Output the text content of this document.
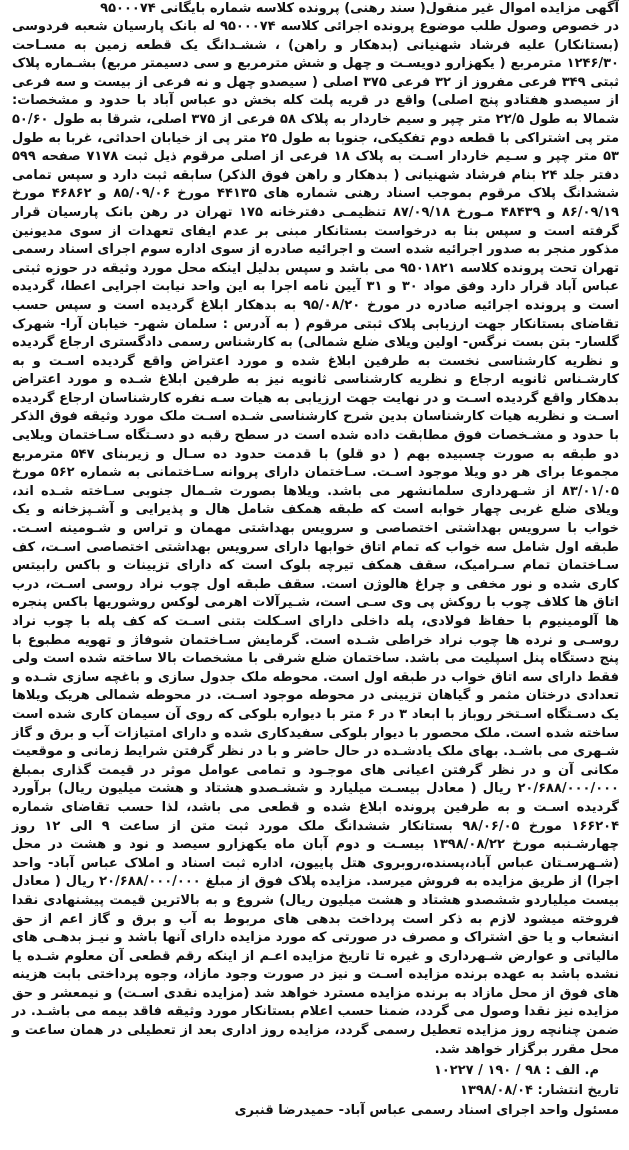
آگهی مزایده اموال غیر منقول( سند رهنی) پرونده کلاسه شماره بایگانی ۹۵۰۰۰۷۴
در خصوص وصول طلب موضوع پرونده اجرائی کلاسه ۹۵۰۰۰۷۴ له بانک پارسیان شعبه فردوسی (بستانکار) علیه فرشاد شهنیانی (بدهکار و راهن) ، ششـدانگ یک قطعه زمین به مسـاحت ۱۲۴۶/۳۰ مترمربع ( یکهزارو دویسـت و چهل و شش مترمربع و سی دسیمتر مربع) بشـماره پلاک ثبتی ۳۴۹ فرعی مفروز از ۳۲ فرعی ۳۷۵ اصلی ( سیصدو چهل و نه فرعی از بیست و سه فرعی از سیصدو هفتادو پنج اصلی) واقع در قریه پلت کله بخش دو عباس آباد با حدود و مشخصات: شمالا به طول ۲۲/۵ متر چپر و سیم خاردار به پلاک ۵۸ فرعی از ۳۷۵ اصلی، شرقا به طول ۵۰/۶۰ متر پی اشتراکی با قطعه دوم تفکیکی، جنوبا به طول ۲۵ متر پی از خیابان احداثی، غربا به طول ۵۳ متر چپر و سـیم خاردار اسـت به پلاک ۱۸ فرعی از اصلی مرقوم ذیل ثبت ۷۱۷۸ صفحه ۵۹۹ دفتر جلد ۲۴ بنام فرشاد شهنیانی ( بدهکار و راهن فوق الذکر) سابقه ثبت دارد و سپس تمامی ششدانگ پلاک مرقوم بموجب اسناد رهنی شماره های ۴۴۱۳۵ مورخ ۸۵/۰۹/۰۶ و ۴۶۸۶۲ مورخ ۸۶/۰۹/۱۹ و ۴۸۴۳۹ مـورخ ۸۷/۰۹/۱۸ تنظیمـی دفترخانه ۱۷۵ تهران در رهن بانک پارسیان قرار گرفته است و سپس بنا به درخواست بستانکار مبنی بر عدم ایفای تعهدات از سوی مدیونین مذکور منجر به صدور اجرائیه شده است و اجرائیه صادره از سوی اداره سوم اجرای اسناد رسمی تهران تحت پرونده کلاسه ۹۵۰۱۸۲۱ می باشد و سپس بدلیل اینکه محل مورد وثیقه در حوزه ثبتی عباس آباد قرار دارد وفق مواد ۳۰ و ۳۱ آیین نامه اجرا به این واحد نیابت اجرایی اعطا، گردیده است و پرونده اجرائیه صادره در مورخ ۹۵/۰۸/۲۰ به بدهکار ابلاغ گردیده است و سپس حسب تقاضای بستانکار جهت ارزیابی پلاک ثبتی مرقوم ( به آدرس : سلمان شهر- خیابان آرا- شهرک گلسار- بتن بست نرگس- اولین ویلای ضلع شمالی) به کارشناس رسمی دادگستری ارجاع گردیده و نظریه کارشناسی نخست به طرفین ابلاغ شده و مورد اعتراض واقع گردیده اسـت و به کارشـناس ثانویه ارجاع و نظریه کارشناسی ثانویه نیز به طرفین ابلاغ شـده و مورد اعتراض بدهکار واقع گردیده اسـت و در نهایت جهت ارزیابی به هیات سـه نفره کارشناسان ارجاع گردیده اسـت و نظریه هیات کارشناسان بدین شرح کارشناسی شـده اسـت ملک مورد وثیقه فوق الذکر با حدود و مشـخصات فوق مطابقت داده شده است در سطح رقبه دو دسـتگاه سـاختمان ویلایی دو طبقه به صورت چسبیده بهم ( دو قلو) با قدمت حدود ده سـال و زیربنای ۵۴۷ مترمربع مجموعا برای هر دو ویلا موجود اسـت. سـاختمان دارای پروانه سـاختمانی به شماره ۵۶۲ مورخ ۸۳/۰۱/۰۵ از شـهرداری سلمانشهر می باشد. ویلاها بصورت شـمال جنوبی سـاخته شـده اند، ویلای ضلع غربی چهار خوابه است که طبقه همکف شامل هال و پذیرایی و آشـپزخانه و یک خواب با سرویس بهداشتی اختصاصی و سرویس بهداشتی مهمان و تراس و شـومینه اسـت. طبقه اول شامل سه خواب که تمام اتاق خوابها دارای سرویس بهداشتی اختصاصی اسـت، کف سـاختمان تمام سـرامیک، سقف همکف تیرچه بلوک است که دارای تزیینات و باکس رابیتس کاری شده و نور مخفی و چراغ هالوژن است. سقف طبقه اول چوب نراد روسی اسـت، درب اتاق ها کلاف چوب با روکش پی وی سـی است، شـیرآلات اهرمی لوکس روشوریها باکس پنجره ها آلومینیوم با حفاظ فولادی، پله داخلی دارای اسـکلت بتنی اسـت که کف پله با چوب نراد روسـی و نرده ها چوب نراد خراطی شـده است. گرمایش سـاختمان شوفاژ و تهویه مطبوع با پنج دستگاه پنل اسپلیت می باشد. ساختمان ضلع شرقی با مشخصات بالا ساخته شده است ولی فقط دارای سه اتاق خواب در طبقه اول است. محوطه ملک جدول سازی و باغچه سازی شـده و تعدادی درختان مثمر و گیاهان تزیینی در محوطه موجود اسـت. در محوطه شمالی هریک ویلاها یک دسـتگاه اسـتخر روباز با ابعاد ۳ در ۶ متر با دیواره بلوکی که روی آن سیمان کاری شده است ساخته شده است. ملک محصور با دیوار بلوکی سفیدکاری شده و دارای امتیازات آب و برق و گاز شـهری می باشـد. بهای ملک یادشـده در حال حاضر و با در نظر گرفتن شرایط زمانی و موقعیت مکانی آن و در نظر گرفتن اعیانی های موجـود و تمامی عوامل موثر در قیمت گذاری بمبلغ ۲۰/۶۸۸/۰۰۰/۰۰۰ ریال ( معادل بیسـت میلیارد و ششـصدو هشتاد و هشت میلیون ریال) برآورد گردیده اسـت و به طرفین پرونده ابلاغ شده و قطعی می باشد، لذا حسب تقاضای شماره ۱۶۶۲۰۴ مورخ ۹۸/۰۶/۰۵ بستانکار ششدانگ ملک مورد ثبت متن از ساعت ۹ الی ۱۲ روز چهارشـنبه مورخ ۱۳۹۸/۰۸/۲۲ بیسـت و دوم آبان ماه یکهزارو سیصد و نود و هشت در محل (شـهرسـتان عباس آباد،پسنده،روبروی هتل پاییون، اداره ثبت اسناد و املاک عباس آباد- واحد اجرا) از طریق مزایده به فروش میرسد. مزایده پلاک فوق از مبلغ ۲۰/۶۸۸/۰۰۰/۰۰۰ ریال ( معادل بیست میلیاردو ششصدو هشتاد و هشت میلیون ریال) شروع و به بالاترین قیمت پیشنهادی نقدا فروخته میشود لازم به ذکر است پرداخت بدهی های مربوط به آب و برق و گاز اعم از حق انشعاب و یا حق اشتراک و مصرف در صورتی که مورد مزایده دارای آنها باشد و نیـز بدهـی های مالیاتی و عوارض شـهرداری و غیره تا تاریخ مزایده اعـم از اینکه رقم قطعی آن معلوم شـده یا نشده باشد به عهده برنده مزایده اسـت و نیز در صورت وجود مازاد، وجوه پرداختی بابت هزینه های فوق از محل مازاد به برنده مزایده مسترد خواهد شد (مزایده نقدی اسـت) و نیمعشر و حق مزایده نیز نقدا وصول می گردد، ضمنا حسب اعلام بستانکار مورد وثیقه فاقد بیمه می باشـد. در ضمن چنانچه روز مزایده تعطیل رسمی گردد، مزایده روز اداری بعد از تعطیلی در همان ساعت و محل مقرر برگزار خواهد شد.
م. الف : ۹۸ / ۱۹۰ / ۱۰۲۲۷
تاریخ انتشار: ۱۳۹۸/۰۸/۰۴
مسئول واحد اجرای اسناد رسمی عباس آباد- حمیدرضا قنبری
